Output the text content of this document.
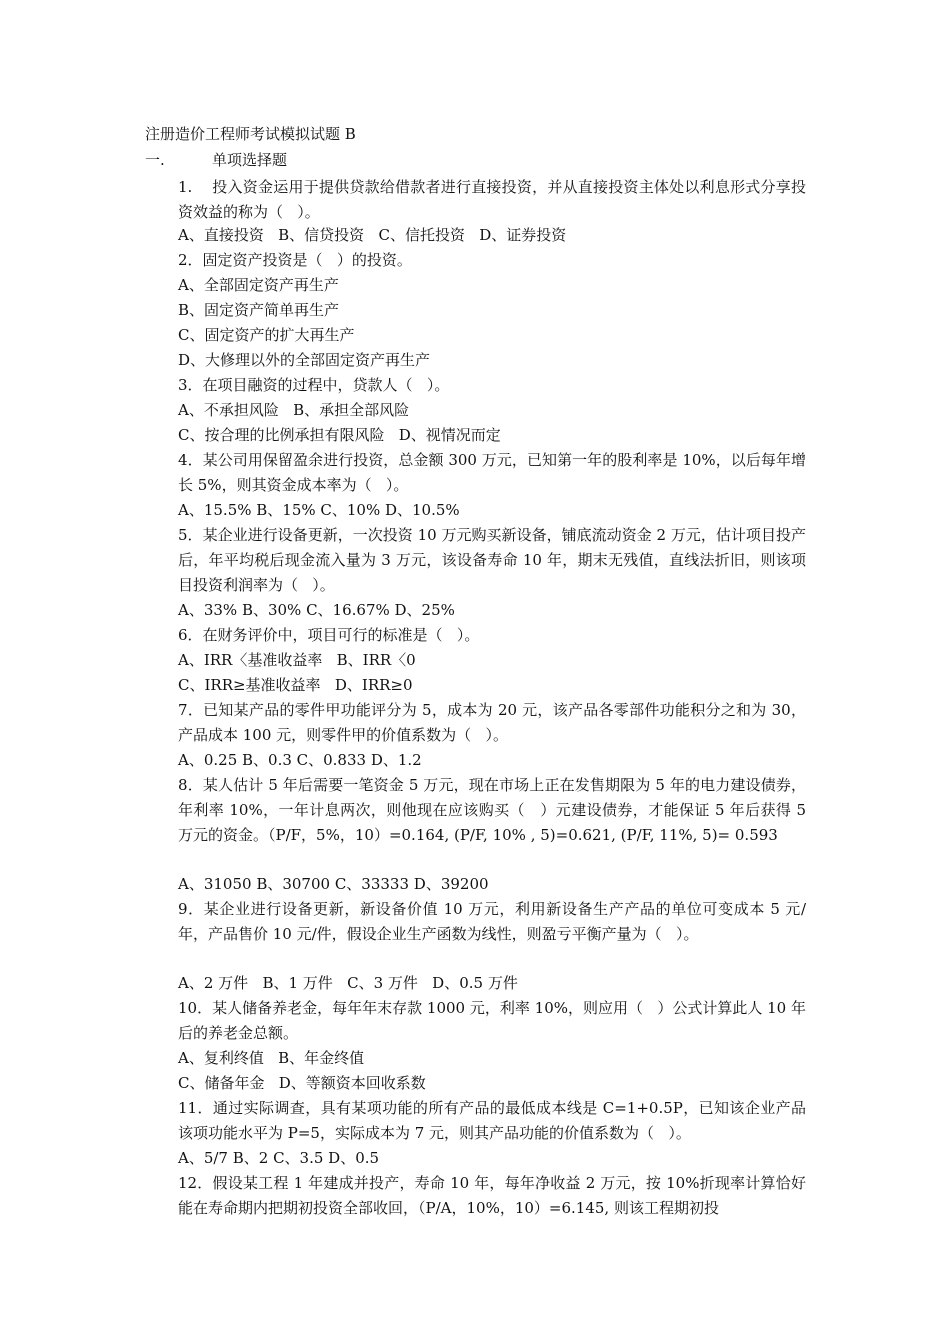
注册造价工程师考试模拟试题 B
一.	单项选择题
1.    投入资金运用于提供贷款给借款者进行直接投资，并从直接投资主体处以利息形式分享投资效益的称为（   ）。
A、直接投资   B、信贷投资   C、信托投资   D、证券投资
2．固定资产投资是（   ）的投资。
A、全部固定资产再生产
B、固定资产简单再生产
C、固定资产的扩大再生产
D、大修理以外的全部固定资产再生产
3．在项目融资的过程中，贷款人（   ）。
A、不承担风险   B、承担全部风险
C、按合理的比例承担有限风险   D、视情况而定
4．某公司用保留盈余进行投资，总金额 300 万元，已知第一年的股利率是 10%，以后每年增长 5%，则其资金成本率为（   ）。
A、15.5% B、15% C、10% D、10.5%
5．某企业进行设备更新，一次投资 10 万元购买新设备，铺底流动资金 2 万元，估计项目投产后，年平均税后现金流入量为 3 万元，该设备寿命 10 年，期末无残值，直线法折旧，则该项目投资利润率为（   ）。
A、33% B、30% C、16.67% D、25%
6．在财务评价中，项目可行的标准是（   ）。
A、IRR〈基准收益率   B、IRR〈0
C、IRR≥基准收益率   D、IRR≥0
7．已知某产品的零件甲功能评分为 5，成本为 20 元，该产品各零部件功能积分之和为 30，产品成本 100 元，则零件甲的价值系数为（   ）。
A、0.25 B、0.3 C、0.833 D、1.2
8．某人估计 5 年后需要一笔资金 5 万元，现在市场上正在发售期限为 5 年的电力建设债券，年利率 10%，一年计息两次，则他现在应该购买（   ）元建设债券，才能保证 5 年后获得 5 万元的资金。（P/F，5%，10）=0.164, (P/F, 10% , 5)=0.621, (P/F, 11%, 5)= 0.593
A、31050 B、30700 C、33333 D、39200
9．某企业进行设备更新，新设备价值 10 万元，利用新设备生产产品的单位可变成本 5 元/年，产品售价 10 元/件，假设企业生产函数为线性，则盈亏平衡产量为（   ）。
A、2 万件   B、1 万件   C、3 万件   D、0.5 万件
10．某人储备养老金，每年年末存款 1000 元，利率 10%，则应用（   ）公式计算此人 10 年后的养老金总额。
A、复利终值   B、年金终值
C、储备年金   D、等额资本回收系数
11．通过实际调查，具有某项功能的所有产品的最低成本线是 C=1+0.5P，已知该企业产品该项功能水平为 P=5，实际成本为 7 元，则其产品功能的价值系数为（   ）。
A、5/7 B、2 C、3.5 D、0.5
12．假设某工程 1 年建成并投产，寿命 10 年，每年净收益 2 万元，按 10%折现率计算恰好能在寿命期内把期初投资全部收回，（P/A，10%，10）=6.145, 则该工程期初投
